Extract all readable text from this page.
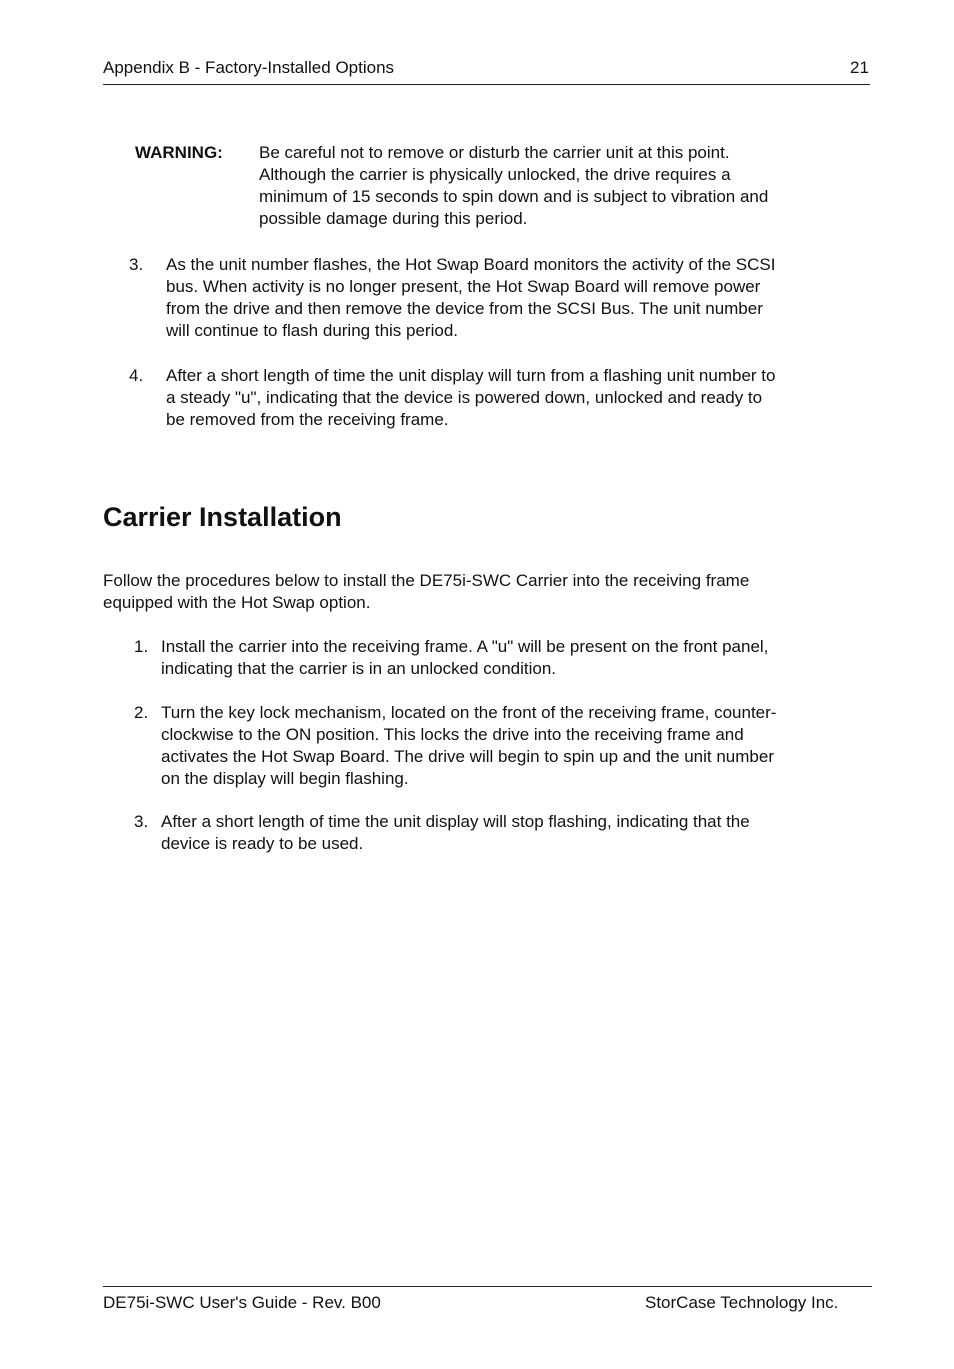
Appendix B - Factory-Installed Options	21
WARNING: Be careful not to remove or disturb the carrier unit at this point.
Although the carrier is physically unlocked, the drive requires a
minimum of 15 seconds to spin down and is subject to vibration and
possible damage during this period.
3. As the unit number flashes, the Hot Swap Board monitors the activity of the SCSI
bus. When activity is no longer present, the Hot Swap Board will remove power
from the drive and then remove the device from the SCSI Bus. The unit number
will continue to flash during this period.
4. After a short length of time the unit display will turn from a flashing unit number to
a steady "u", indicating that the device is powered down, unlocked and ready to
be removed from the receiving frame.
Carrier Installation
Follow the procedures below to install the DE75i-SWC Carrier into the receiving frame
equipped with the Hot Swap option.
1. Install the carrier into the receiving frame. A "u" will be present on the front panel,
indicating that the carrier is in an unlocked condition.
2. Turn the key lock mechanism, located on the front of the receiving frame, counter-
clockwise to the ON position. This locks the drive into the receiving frame and
activates the Hot Swap Board. The drive will begin to spin up and the unit number
on the display will begin flashing.
3. After a short length of time the unit display will stop flashing, indicating that the
device is ready to be used.
DE75i-SWC User's Guide - Rev. B00	StorCase Technology Inc.
